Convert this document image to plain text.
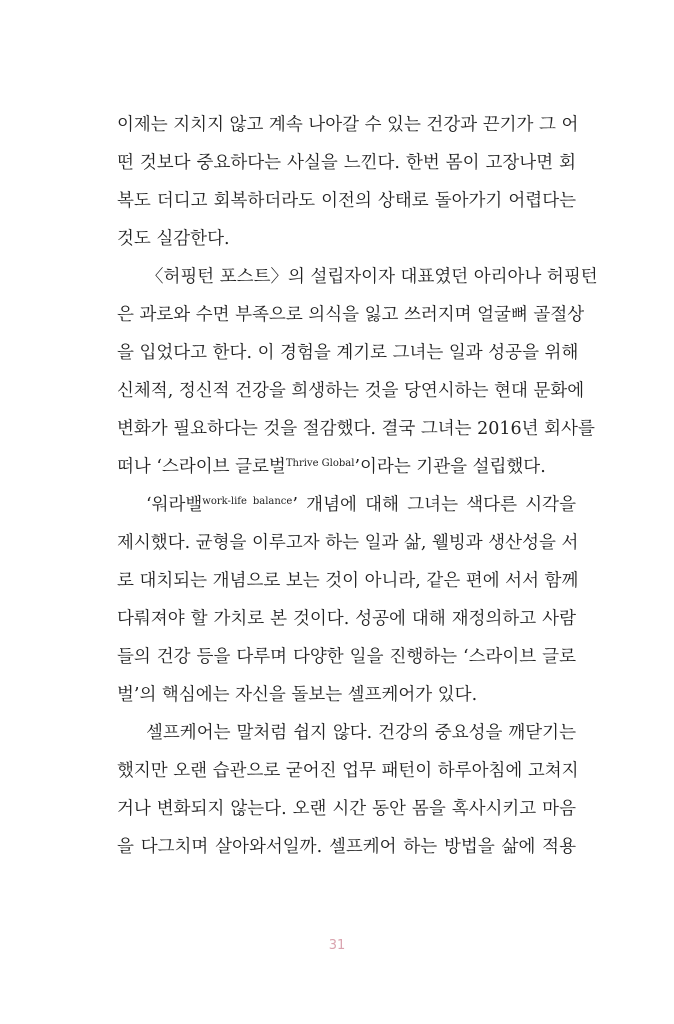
이제는 지치지 않고 계속 나아갈 수 있는 건강과 끈기가 그 어
떤 것보다 중요하다는 사실을 느낀다. 한번 몸이 고장나면 회
복도 더디고 회복하더라도 이전의 상태로 돌아가기 어렵다는
것도 실감한다.
〈허핑턴 포스트〉의 설립자이자 대표였던 아리아나 허핑턴
은 과로와 수면 부족으로 의식을 잃고 쓰러지며 얼굴뼈 골절상
을 입었다고 한다. 이 경험을 계기로 그녀는 일과 성공을 위해
신체적, 정신적 건강을 희생하는 것을 당연시하는 현대 문화에
변화가 필요하다는 것을 절감했다. 결국 그녀는 2016년 회사를
떠나 ‘스라이브 글로벌$^{Thrive Global}$’이라는 기관을 설립했다.
‘워라밸$^{work-life balance}$’ 개념에 대해 그녀는 색다른 시각을
제시했다. 균형을 이루고자 하는 일과 삶, 웰빙과 생산성을 서
로 대치되는 개념으로 보는 것이 아니라, 같은 편에 서서 함께
다뤄져야 할 가치로 본 것이다. 성공에 대해 재정의하고 사람
들의 건강 등을 다루며 다양한 일을 진행하는 ‘스라이브 글로
벌’의 핵심에는 자신을 돌보는 셀프케어가 있다.
셀프케어는 말처럼 쉽지 않다. 건강의 중요성을 깨닫기는
했지만 오랜 습관으로 굳어진 업무 패턴이 하루아침에 고쳐지
거나 변화되지 않는다. 오랜 시간 동안 몸을 혹사시키고 마음
을 다그치며 살아와서일까. 셀프케어 하는 방법을 삶에 적용
31
